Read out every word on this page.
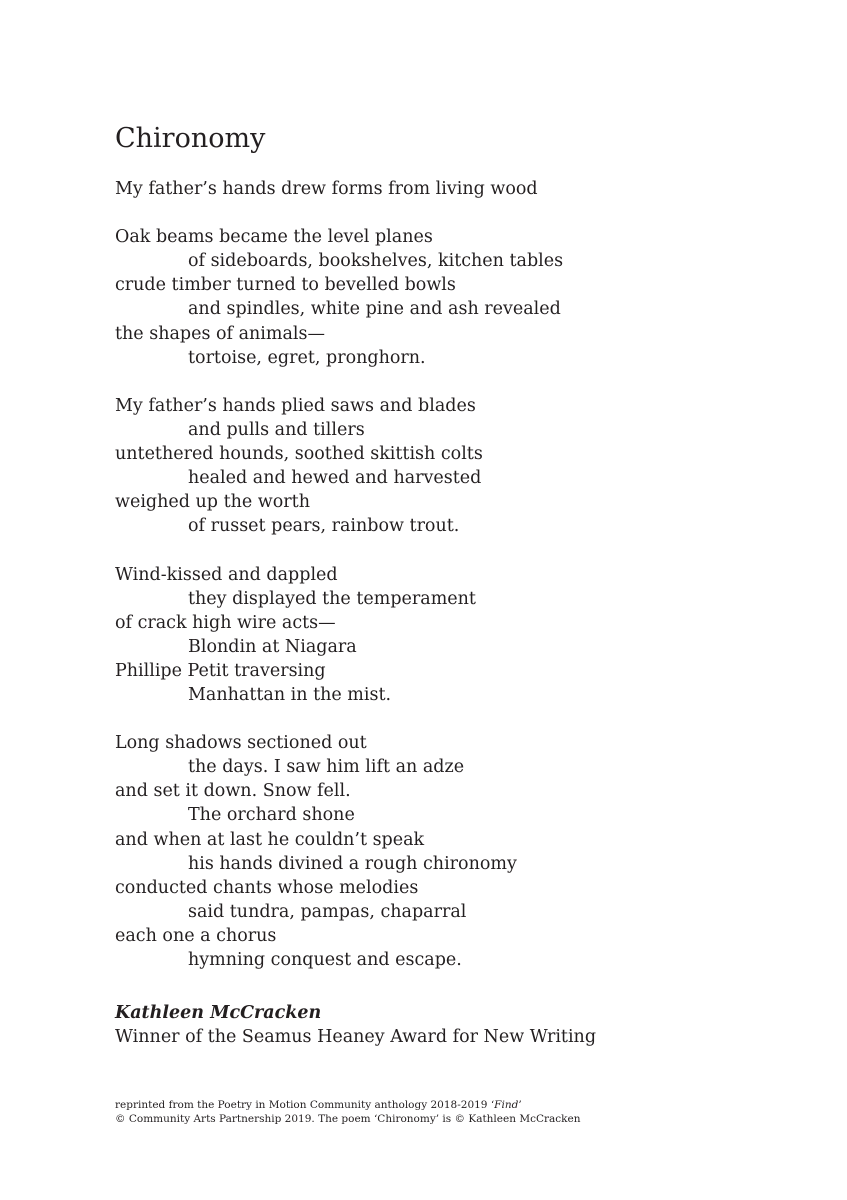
Chironomy
My father’s hands drew forms from living wood
Oak beams became the level planes
of sideboards, bookshelves, kitchen tables
crude timber turned to bevelled bowls
and spindles, white pine and ash revealed
the shapes of animals—
tortoise, egret, pronghorn.
My father’s hands plied saws and blades
and pulls and tillers
untethered hounds, soothed skittish colts
healed and hewed and harvested
weighed up the worth
of russet pears, rainbow trout.
Wind-kissed and dappled
they displayed the temperament
of crack high wire acts—
Blondin at Niagara
Phillipe Petit traversing
Manhattan in the mist.
Long shadows sectioned out
the days. I saw him lift an adze
and set it down. Snow fell.
The orchard shone
and when at last he couldn’t speak
his hands divined a rough chironomy
conducted chants whose melodies
said tundra, pampas, chaparral
each one a chorus
hymning conquest and escape.
Kathleen McCracken
Winner of the Seamus Heaney Award for New Writing
reprinted from the Poetry in Motion Community anthology 2018-2019 ‘Find’
© Community Arts Partnership 2019. The poem ‘Chironomy’ is © Kathleen McCracken
